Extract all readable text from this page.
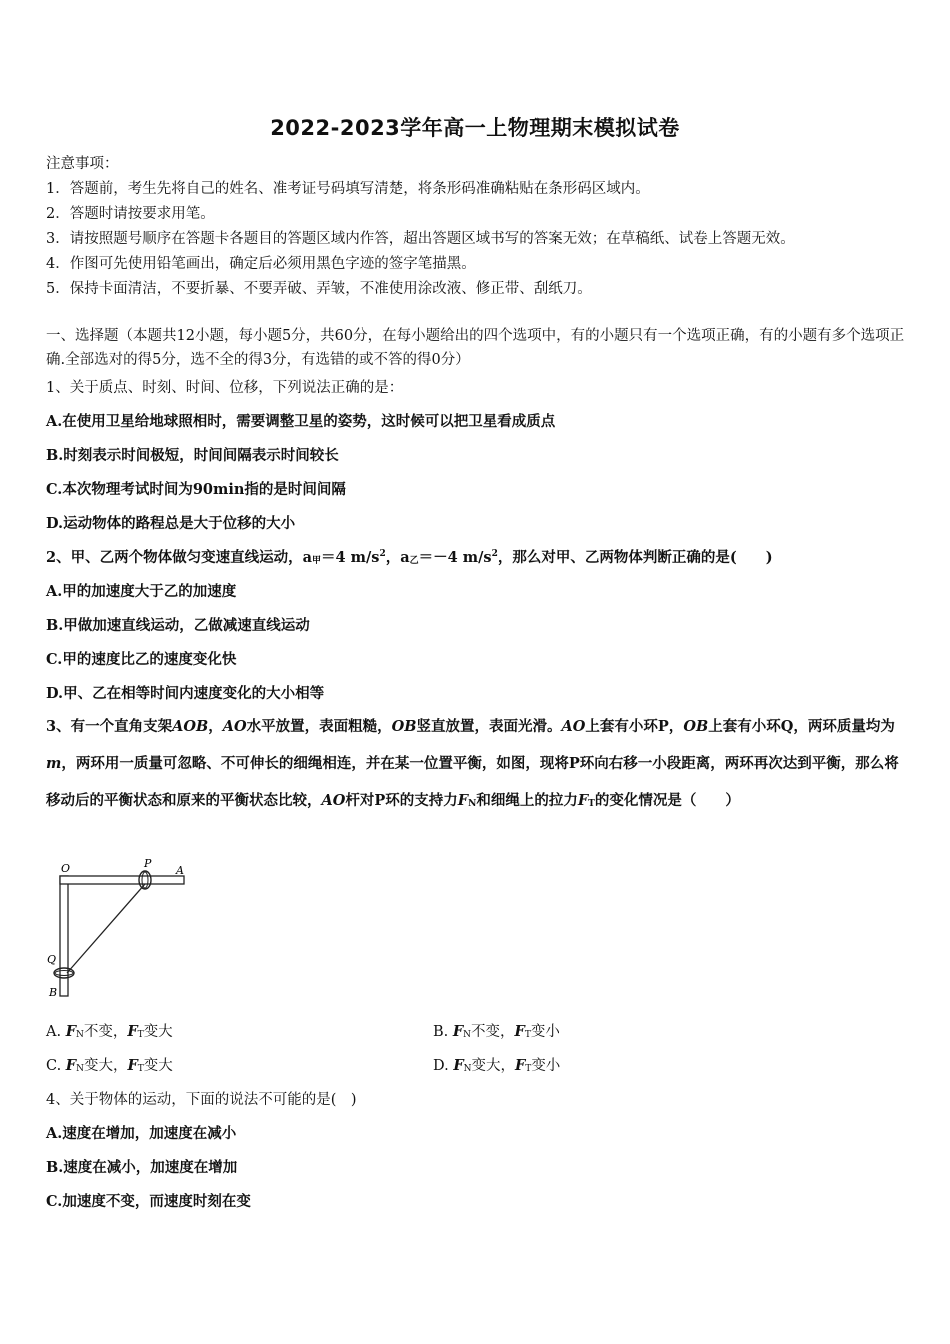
2022-2023学年高一上物理期末模拟试卷
注意事项：
1．答题前，考生先将自己的姓名、准考证号码填写清楚，将条形码准确粘贴在条形码区域内。
2．答题时请按要求用笔。
3．请按照题号顺序在答题卡各题目的答题区域内作答，超出答题区域书写的答案无效；在草稿纸、试卷上答题无效。
4．作图可先使用铅笔画出，确定后必须用黑色字迹的签字笔描黑。
5．保持卡面清洁，不要折暴、不要弄破、弄皱，不准使用涂改液、修正带、刮纸刀。
一、选择题（本题共12小题，每小题5分，共60分，在每小题给出的四个选项中，有的小题只有一个选项正确，有的小题有多个选项正确.全部选对的得5分，选不全的得3分，有选错的或不答的得0分）
1、关于质点、时刻、时间、位移，下列说法正确的是：
A.在使用卫星给地球照相时，需要调整卫星的姿势，这时候可以把卫星看成质点
B.时刻表示时间极短，时间间隔表示时间较长
C.本次物理考试时间为90min指的是时间间隔
D.运动物体的路程总是大于位移的大小
2、甲、乙两个物体做匀变速直线运动，a甲＝4 $m/s^2$，a乙＝－4 $m/s^2$，那么对甲、乙两物体判断正确的是(　　)
A.甲的加速度大于乙的加速度
B.甲做加速直线运动，乙做减速直线运动
C.甲的速度比乙的速度变化快
D.甲、乙在相等时间内速度变化的大小相等
3、有一个直角支架AOB，AO水平放置，表面粗糙，OB竖直放置，表面光滑。AO上套有小环P，OB上套有小环Q，两环质量均为m，两环用一质量可忽略、不可伸长的细绳相连，并在某一位置平衡，如图，现将P环向右移一小段距离，两环再次达到平衡，那么将移动后的平衡状态和原来的平衡状态比较，AO杆对P环的支持力FN和细绳上的拉力FT的变化情况是（　　）
O	P
A
Q
B
A. FN不变，FT变大	B. FN不变，FT变小
C. FN变大，FT变大	D. FN变大，FT变小
4、关于物体的运动，下面的说法不可能的是(　)
A.速度在增加，加速度在减小
B.速度在减小，加速度在增加
C.加速度不变，而速度时刻在变
